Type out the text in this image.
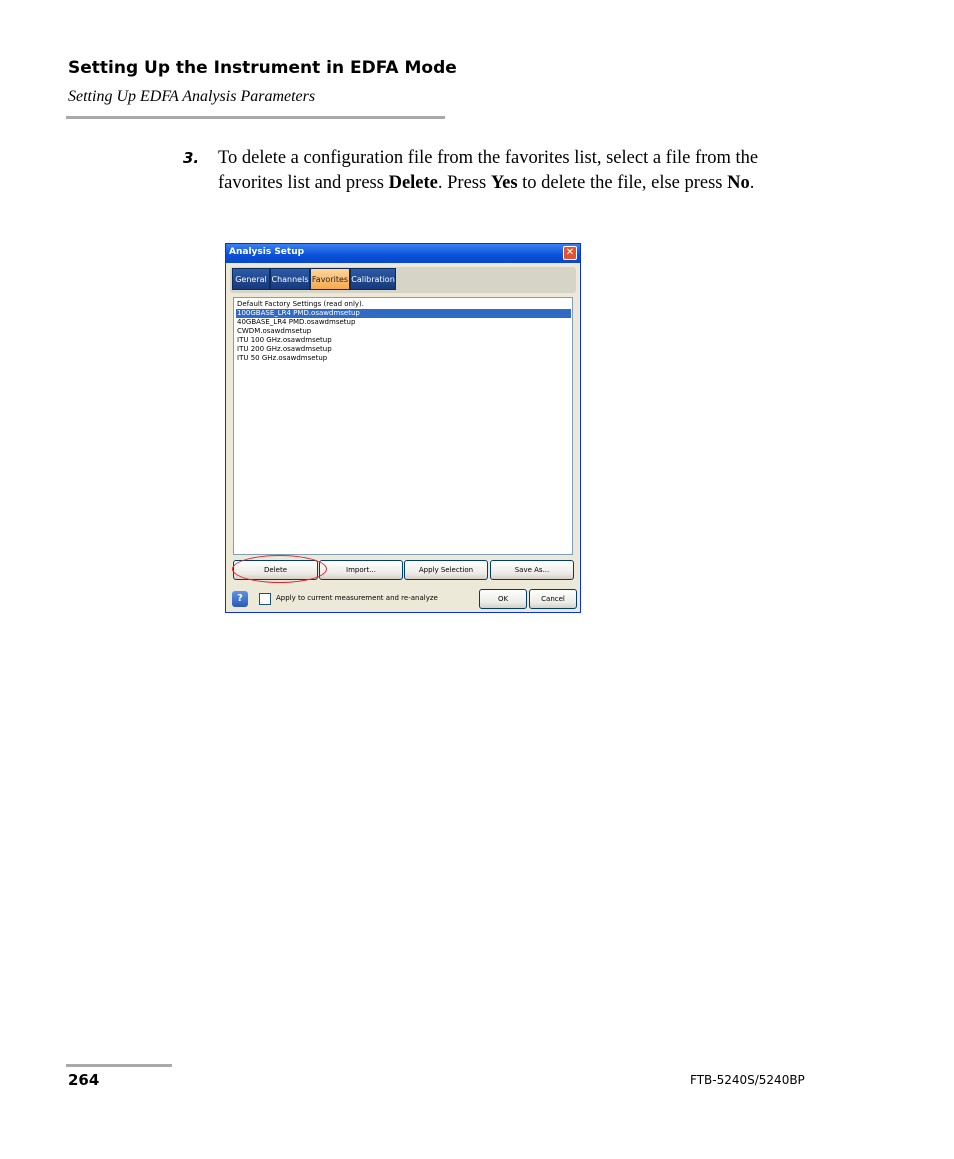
Setting Up the Instrument in EDFA Mode
Setting Up EDFA Analysis Parameters
3. To delete a configuration file from the favorites list, select a file from the favorites list and press Delete. Press Yes to delete the file, else press No.
Analysis Setup	✕
General Channels Favorites Calibration
Default Factory Settings (read only).
100GBASE_LR4 PMD.osawdmsetup
40GBASE_LR4 PMD.osawdmsetup
CWDM.osawdmsetup
ITU 100 GHz.osawdmsetup
ITU 200 GHz.osawdmsetup
ITU 50 GHz.osawdmsetup
Delete	Import...	Apply Selection	Save As...
?	Apply to current measurement and re-analyze	OK	Cancel
264	FTB-5240S/5240BP
